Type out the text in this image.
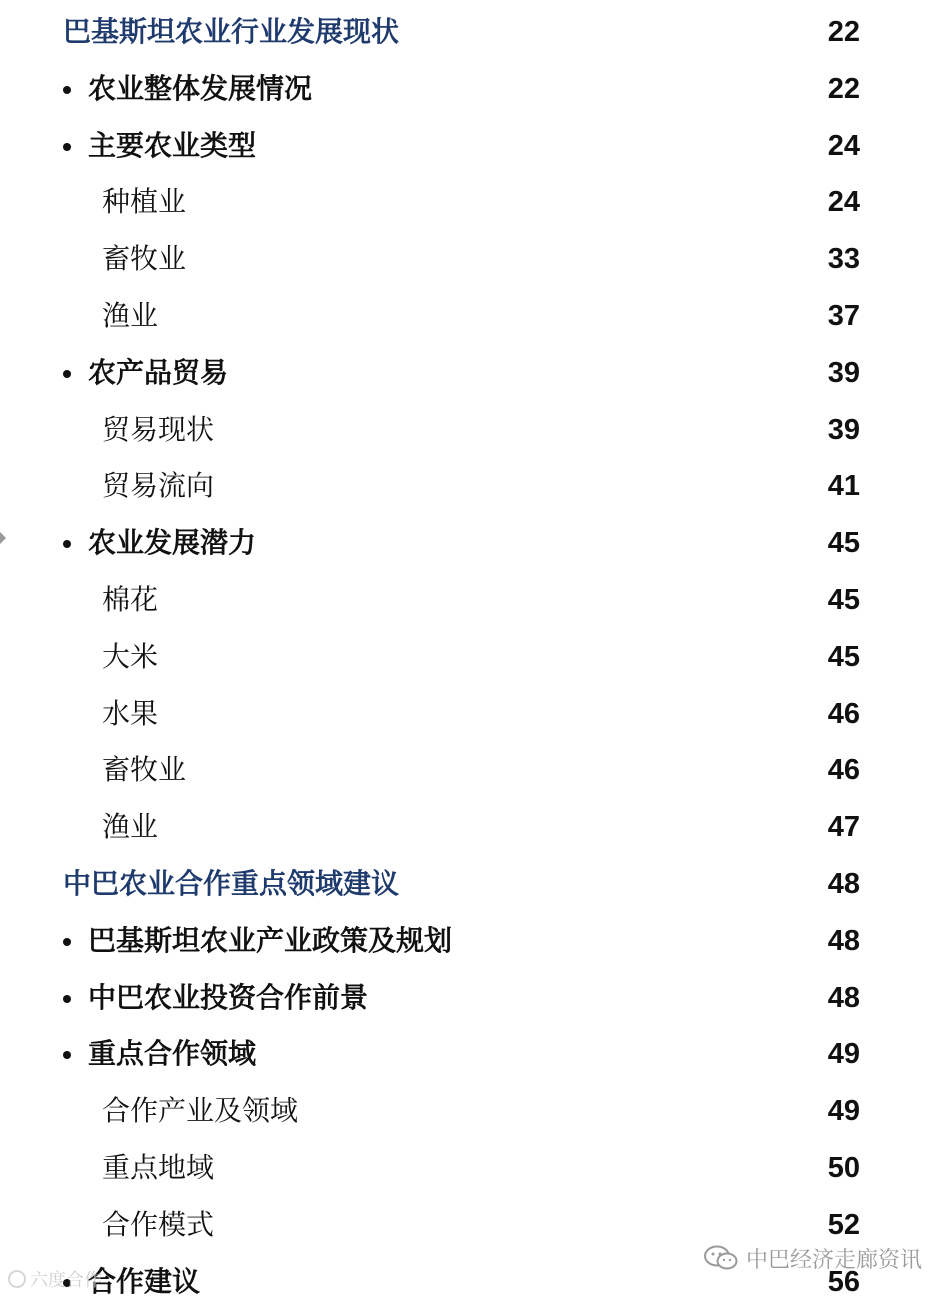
巴基斯坦农业行业发展现状	22
农业整体发展情况	22
主要农业类型	24
种植业	24
畜牧业	33
渔业	37
农产品贸易	39
贸易现状	39
贸易流向	41
农业发展潜力	45
棉花	45
大米	45
水果	46
畜牧业	46
渔业	47
中巴农业合作重点领域建议	48
巴基斯坦农业产业政策及规划	48
中巴农业投资合作前景	48
重点合作领域	49
合作产业及领域	49
重点地域	50
合作模式	52
合作建议	56
六度合作
中巴经济走廊资讯
